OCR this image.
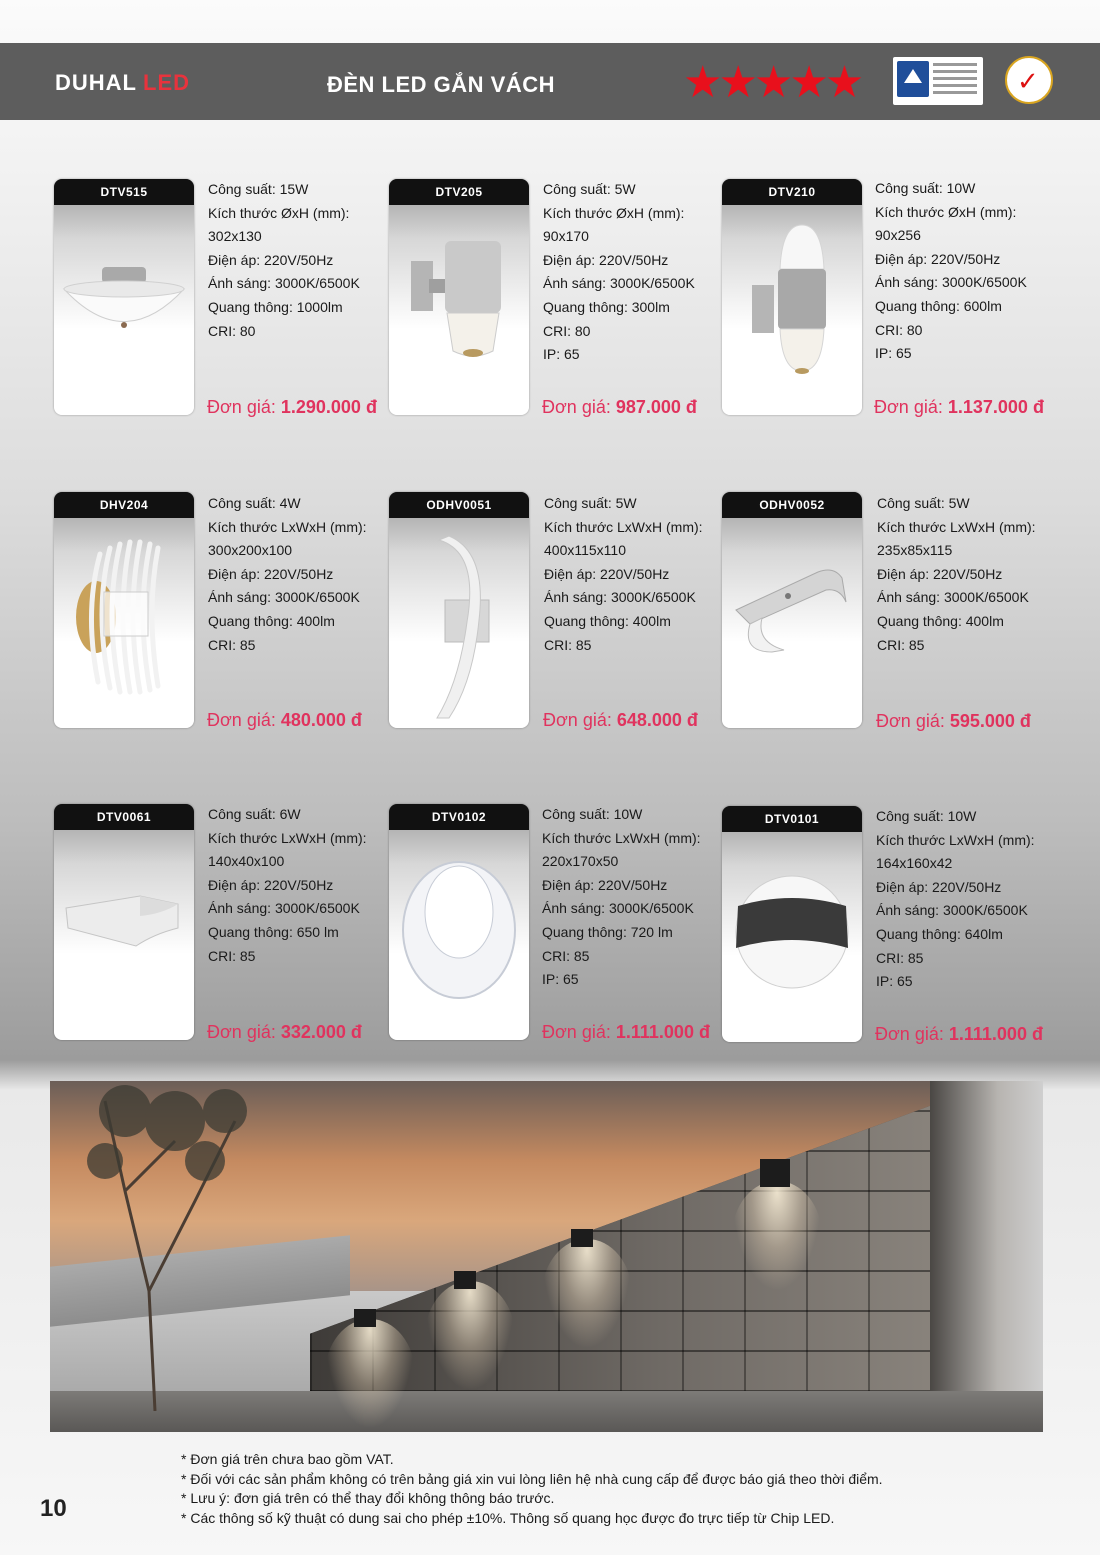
DUHAL LED	ĐÈN LED GẮN VÁCH	★★★★★	✓
DTV515	Công suất: 15W
Kích thước ØxH (mm):
302x130
Điện áp: 220V/50Hz
Ánh sáng: 3000K/6500K
Quang thông: 1000lm
CRI: 80
Đơn giá: 1.290.000 đ
DTV205	Công suất: 5W
Kích thước ØxH (mm):
90x170
Điện áp: 220V/50Hz
Ánh sáng: 3000K/6500K
Quang thông: 300lm
CRI: 80
IP: 65
Đơn giá: 987.000 đ
DTV210	Công suất: 10W
Kích thước ØxH (mm):
90x256
Điện áp: 220V/50Hz
Ánh sáng: 3000K/6500K
Quang thông: 600lm
CRI: 80
IP: 65
Đơn giá: 1.137.000 đ
DHV204	Công suất: 4W
Kích thước LxWxH (mm):
300x200x100
Điện áp: 220V/50Hz
Ánh sáng: 3000K/6500K
Quang thông: 400lm
CRI: 85
Đơn giá: 480.000 đ
ODHV0051	Công suất: 5W
Kích thước LxWxH (mm):
400x115x110
Điện áp: 220V/50Hz
Ánh sáng: 3000K/6500K
Quang thông: 400lm
CRI: 85
Đơn giá: 648.000 đ
ODHV0052	Công suất: 5W
Kích thước LxWxH (mm):
235x85x115
Điện áp: 220V/50Hz
Ánh sáng: 3000K/6500K
Quang thông: 400lm
CRI: 85
Đơn giá: 595.000 đ
DTV0061	Công suất: 6W
Kích thước LxWxH (mm):
140x40x100
Điện áp: 220V/50Hz
Ánh sáng: 3000K/6500K
Quang thông: 650 lm
CRI: 85
Đơn giá: 332.000 đ
DTV0102	Công suất: 10W
Kích thước LxWxH (mm):
220x170x50
Điện áp: 220V/50Hz
Ánh sáng: 3000K/6500K
Quang thông: 720 lm
CRI: 85
IP: 65
Đơn giá: 1.111.000 đ
DTV0101	Công suất: 10W
Kích thước LxWxH (mm):
164x160x42
Điện áp: 220V/50Hz
Ánh sáng: 3000K/6500K
Quang thông: 640lm
CRI: 85
IP: 65
Đơn giá: 1.111.000 đ
* Đơn giá trên chưa bao gồm VAT.
* Đối với các sản phẩm không có trên bảng giá xin vui lòng liên hệ nhà cung cấp để được báo giá theo thời điểm.
* Lưu ý: đơn giá trên có thể thay đổi không thông báo trước.
* Các thông số kỹ thuật có dung sai cho phép ±10%. Thông số quang học được đo trực tiếp từ Chip LED.
10
